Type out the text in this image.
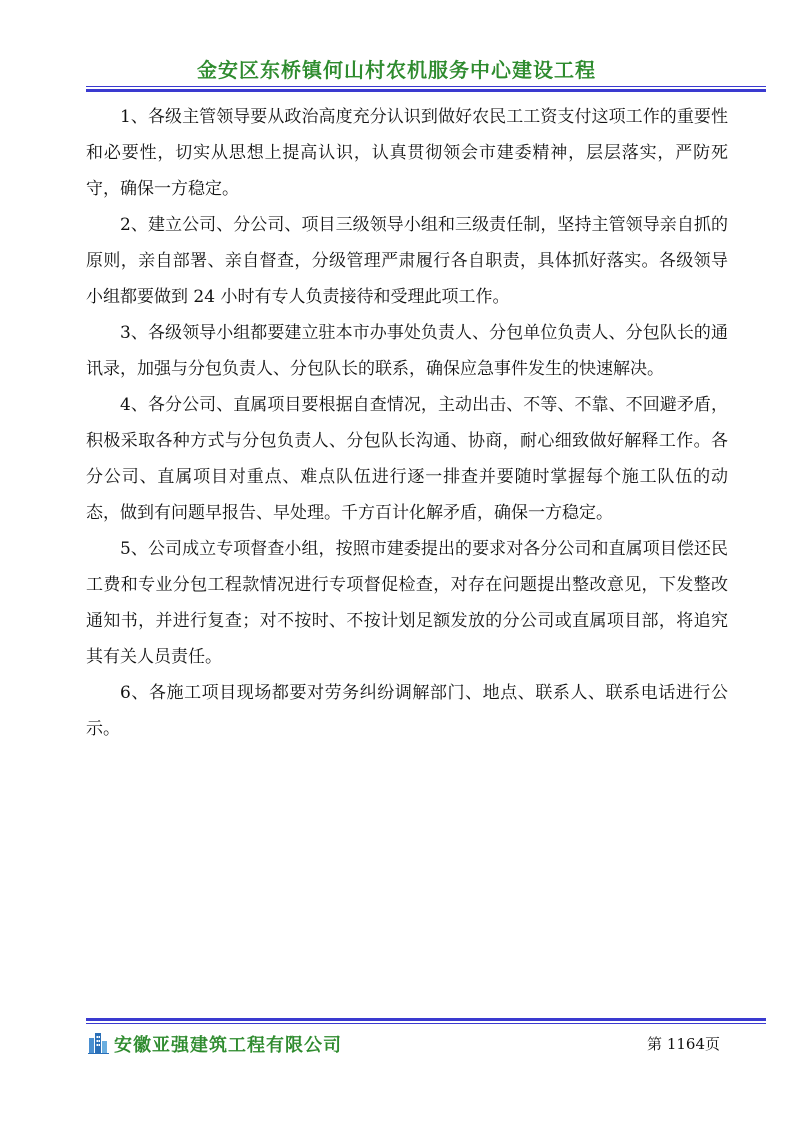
金安区东桥镇何山村农机服务中心建设工程

1、各级主管领导要从政治高度充分认识到做好农民工工资支付这项工作的重要性和必要性，切实从思想上提高认识，认真贯彻领会市建委精神，层层落实，严防死守，确保一方稳定。

2、建立公司、分公司、项目三级领导小组和三级责任制，坚持主管领导亲自抓的原则，亲自部署、亲自督查，分级管理严肃履行各自职责，具体抓好落实。各级领导小组都要做到 24 小时有专人负责接待和受理此项工作。

3、各级领导小组都要建立驻本市办事处负责人、分包单位负责人、分包队长的通讯录，加强与分包负责人、分包队长的联系，确保应急事件发生的快速解决。

4、各分公司、直属项目要根据自查情况，主动出击、不等、不靠、不回避矛盾，积极采取各种方式与分包负责人、分包队长沟通、协商，耐心细致做好解释工作。各分公司、直属项目对重点、难点队伍进行逐一排查并要随时掌握每个施工队伍的动态，做到有问题早报告、早处理。千方百计化解矛盾，确保一方稳定。

5、公司成立专项督查小组，按照市建委提出的要求对各分公司和直属项目偿还民工费和专业分包工程款情况进行专项督促检查，对存在问题提出整改意见，下发整改通知书，并进行复查；对不按时、不按计划足额发放的分公司或直属项目部，将追究其有关人员责任。

6、各施工项目现场都要对劳务纠纷调解部门、地点、联系人、联系电话进行公示。

安徽亚强建筑工程有限公司	第 1164页
